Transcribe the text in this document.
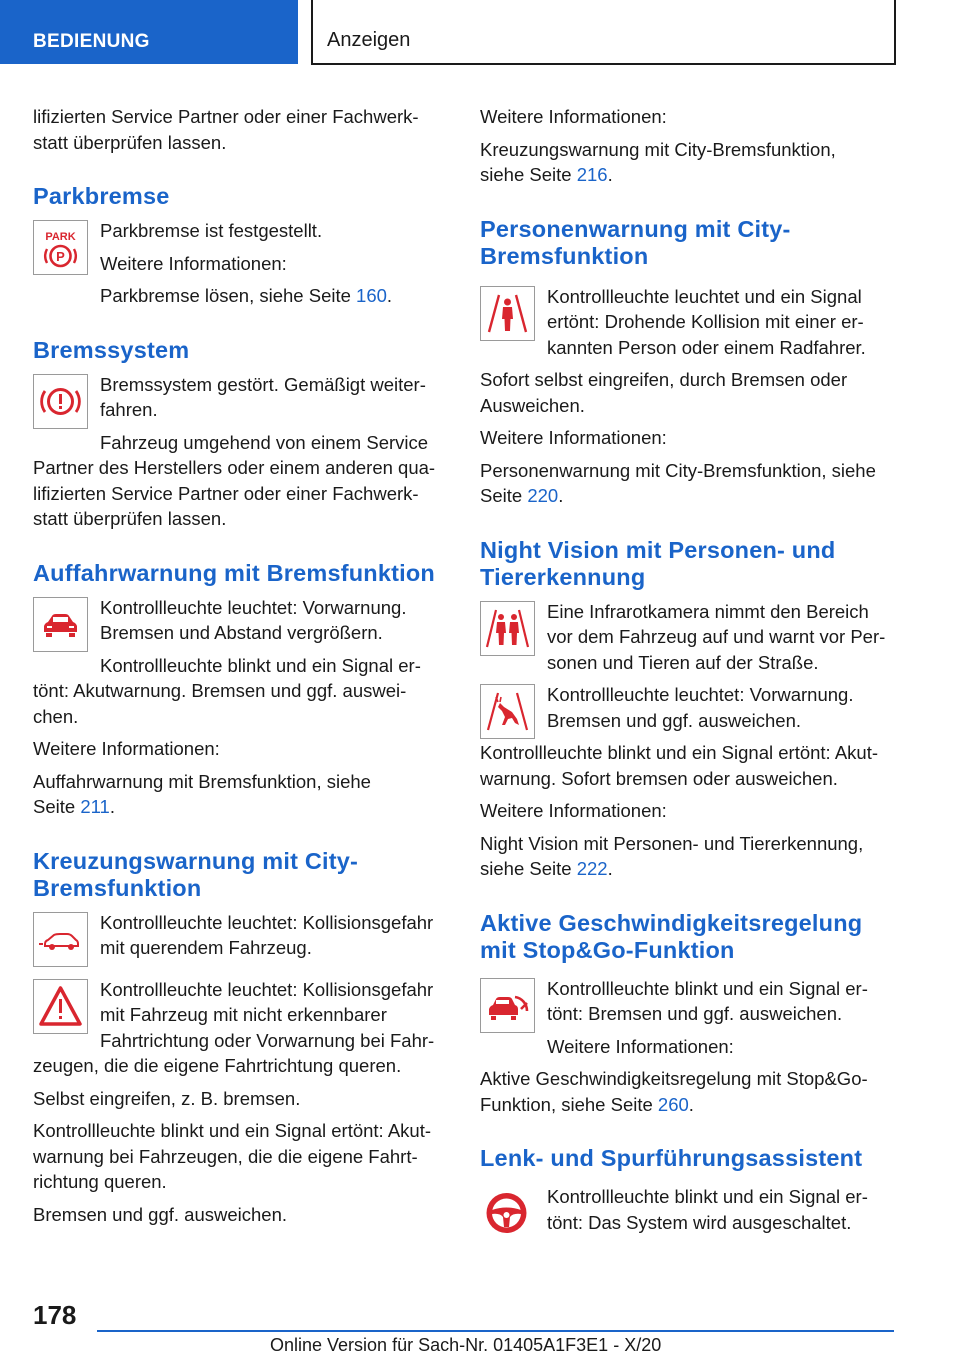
BEDIENUNG	Anzeigen

lifizierten Service Partner oder einer Fachwerk-
statt überprüfen lassen.

Parkbremse
PARK
P

Parkbremse ist festgestellt.

Weitere Informationen:

Parkbremse lösen, siehe Seite 160.

Bremssystem

Bremssystem gestört. Gemäßigt weiter-
fahren.

Fahrzeug umgehend von einem Service
Partner des Herstellers oder einem anderen qua-
lifizierten Service Partner oder einer Fachwerk-
statt überprüfen lassen.

Auffahrwarnung mit Bremsfunktion

Kontrollleuchte leuchtet: Vorwarnung.
Bremsen und Abstand vergrößern.

Kontrollleuchte blinkt und ein Signal er-
tönt: Akutwarnung. Bremsen und ggf. auswei-
chen.

Weitere Informationen:

Auffahrwarnung mit Bremsfunktion, siehe
Seite 211.

Kreuzungswarnung mit City-
Bremsfunktion

Kontrollleuchte leuchtet: Kollisionsgefahr
mit querendem Fahrzeug.

Kontrollleuchte leuchtet: Kollisionsgefahr
mit Fahrzeug mit nicht erkennbarer
Fahrtrichtung oder Vorwarnung bei Fahr-
zeugen, die die eigene Fahrtrichtung queren.

Selbst eingreifen, z. B. bremsen.

Kontrollleuchte blinkt und ein Signal ertönt: Akut-
warnung bei Fahrzeugen, die die eigene Fahrt-
richtung queren.

Bremsen und ggf. ausweichen.

Weitere Informationen:

Kreuzungswarnung mit City-Bremsfunktion,
siehe Seite 216.

Personenwarnung mit City-
Bremsfunktion

Kontrollleuchte leuchtet und ein Signal
ertönt: Drohende Kollision mit einer er-
kannten Person oder einem Radfahrer.

Sofort selbst eingreifen, durch Bremsen oder
Ausweichen.

Weitere Informationen:

Personenwarnung mit City-Bremsfunktion, siehe
Seite 220.

Night Vision mit Personen- und
Tiererkennung

Eine Infrarotkamera nimmt den Bereich
vor dem Fahrzeug auf und warnt vor Per-
sonen und Tieren auf der Straße.

Kontrollleuchte leuchtet: Vorwarnung.
Bremsen und ggf. ausweichen.

Kontrollleuchte blinkt und ein Signal ertönt: Akut-
warnung. Sofort bremsen oder ausweichen.

Weitere Informationen:

Night Vision mit Personen- und Tiererkennung,
siehe Seite 222.

Aktive Geschwindigkeitsregelung
mit Stop&Go-Funktion

Kontrollleuchte blinkt und ein Signal er-
tönt: Bremsen und ggf. ausweichen.

Weitere Informationen:

Aktive Geschwindigkeitsregelung mit Stop&Go-
Funktion, siehe Seite 260.

Lenk- und Spurführungsassistent

Kontrollleuchte blinkt und ein Signal er-
tönt: Das System wird ausgeschaltet.

178
Online Version für Sach-Nr. 01405A1F3E1 - X/20
